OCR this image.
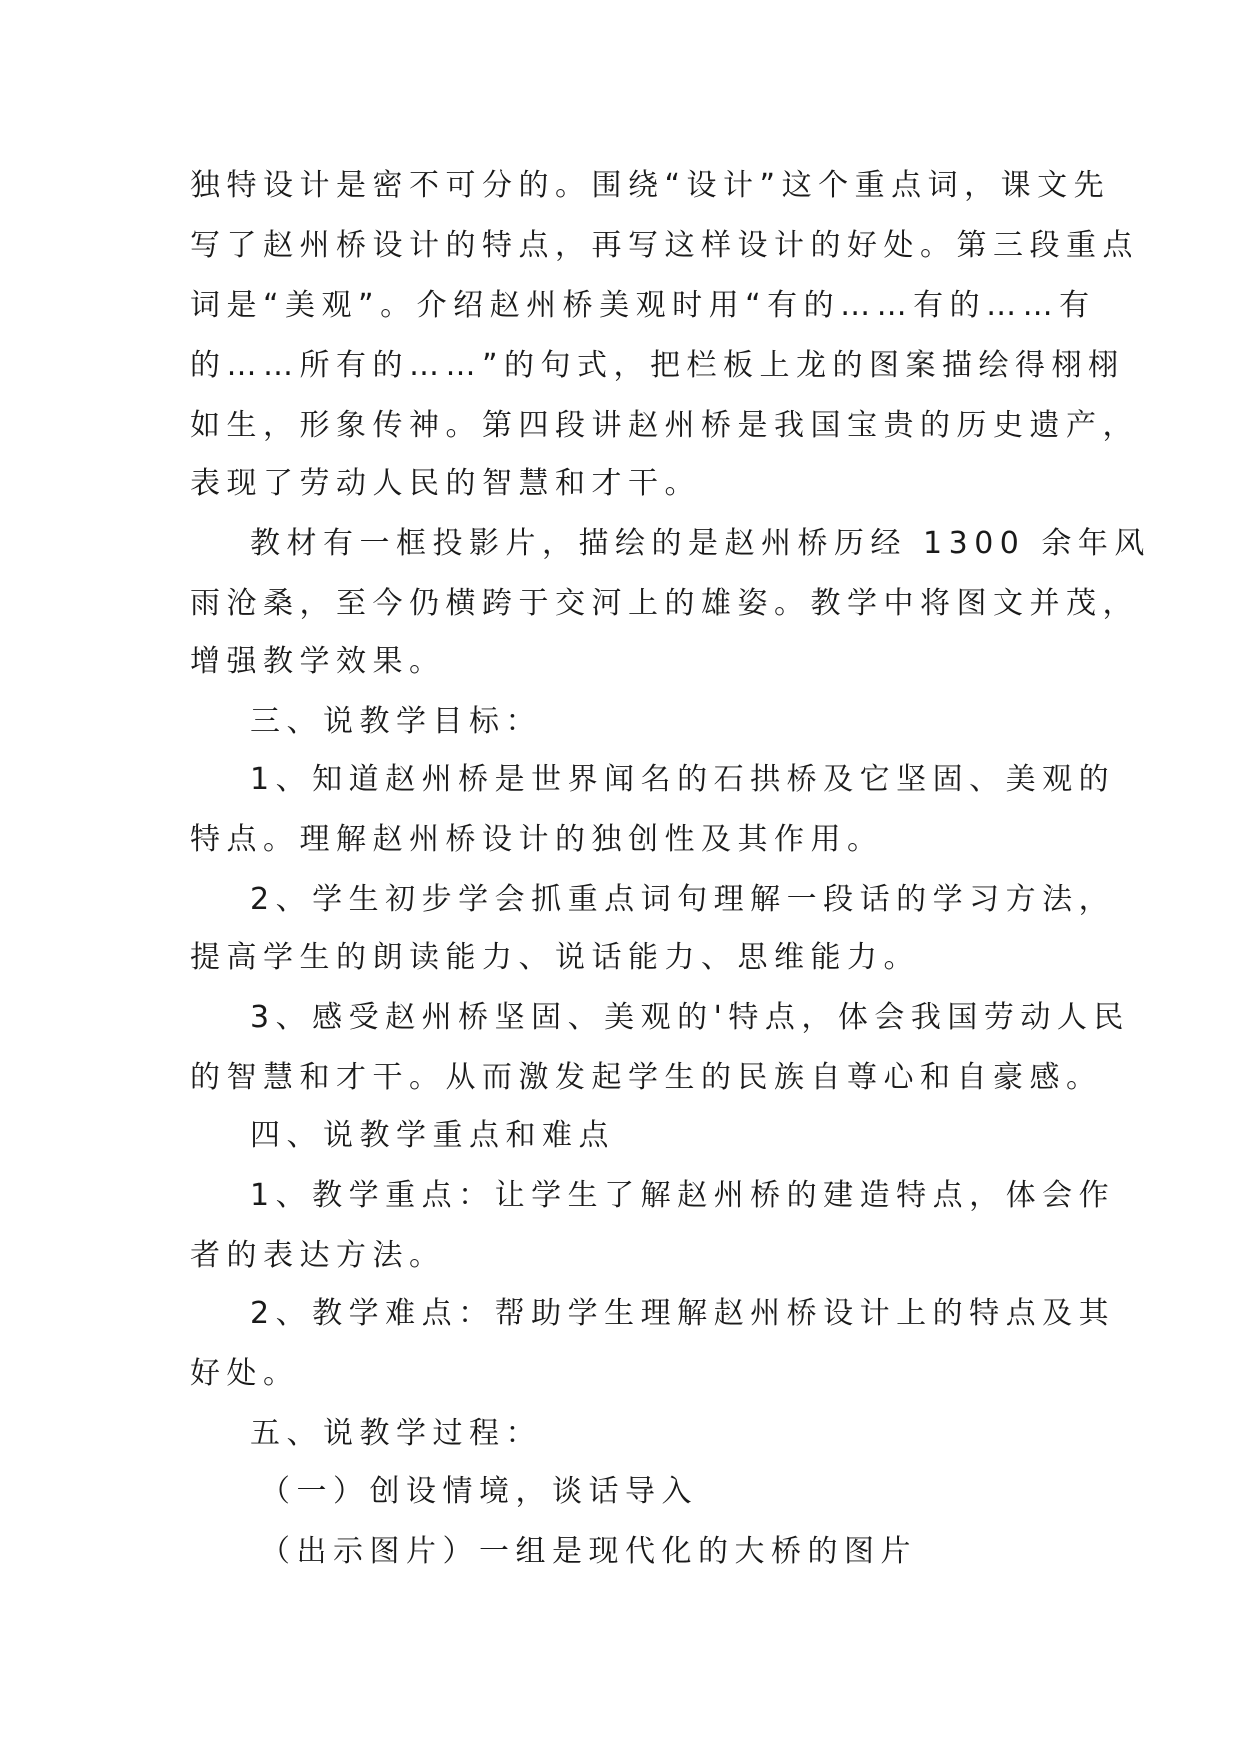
独特设计是密不可分的。围绕“设计”这个重点词，课文先

写了赵州桥设计的特点，再写这样设计的好处。第三段重点

词是“美观”。介绍赵州桥美观时用“有的……有的……有

的……所有的……”的句式，把栏板上龙的图案描绘得栩栩

如生，形象传神。第四段讲赵州桥是我国宝贵的历史遗产，

表现了劳动人民的智慧和才干。

教材有一框投影片，描绘的是赵州桥历经 1300 余年风

雨沧桑，至今仍横跨于交河上的雄姿。教学中将图文并茂，

增强教学效果。

三、说教学目标：

1、知道赵州桥是世界闻名的石拱桥及它坚固、美观的

特点。理解赵州桥设计的独创性及其作用。

2、学生初步学会抓重点词句理解一段话的学习方法，

提高学生的朗读能力、说话能力、思维能力。

3、感受赵州桥坚固、美观的'特点，体会我国劳动人民

的智慧和才干。从而激发起学生的民族自尊心和自豪感。

四、说教学重点和难点

1、教学重点：让学生了解赵州桥的建造特点，体会作

者的表达方法。

2、教学难点：帮助学生理解赵州桥设计上的特点及其

好处。

五、说教学过程：

（一）创设情境，谈话导入

（出示图片）一组是现代化的大桥的图片
